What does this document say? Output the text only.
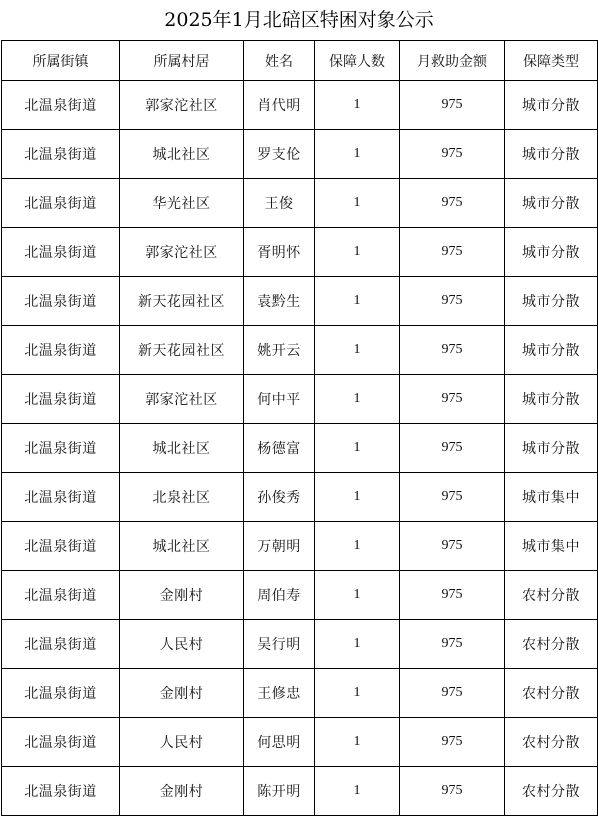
2025年1月北碚区特困对象公示
所属街镇	所属村居	姓名	保障人数	月救助金额	保障类型
北温泉街道	郭家沱社区	肖代明	1	975	城市分散
北温泉街道	城北社区	罗支伦	1	975	城市分散
北温泉街道	华光社区	王俊	1	975	城市分散
北温泉街道	郭家沱社区	胥明怀	1	975	城市分散
北温泉街道	新天花园社区	袁黔生	1	975	城市分散
北温泉街道	新天花园社区	姚开云	1	975	城市分散
北温泉街道	郭家沱社区	何中平	1	975	城市分散
北温泉街道	城北社区	杨德富	1	975	城市分散
北温泉街道	北泉社区	孙俊秀	1	975	城市集中
北温泉街道	城北社区	万朝明	1	975	城市集中
北温泉街道	金刚村	周伯寿	1	975	农村分散
北温泉街道	人民村	吴行明	1	975	农村分散
北温泉街道	金刚村	王修忠	1	975	农村分散
北温泉街道	人民村	何思明	1	975	农村分散
北温泉街道	金刚村	陈开明	1	975	农村分散
